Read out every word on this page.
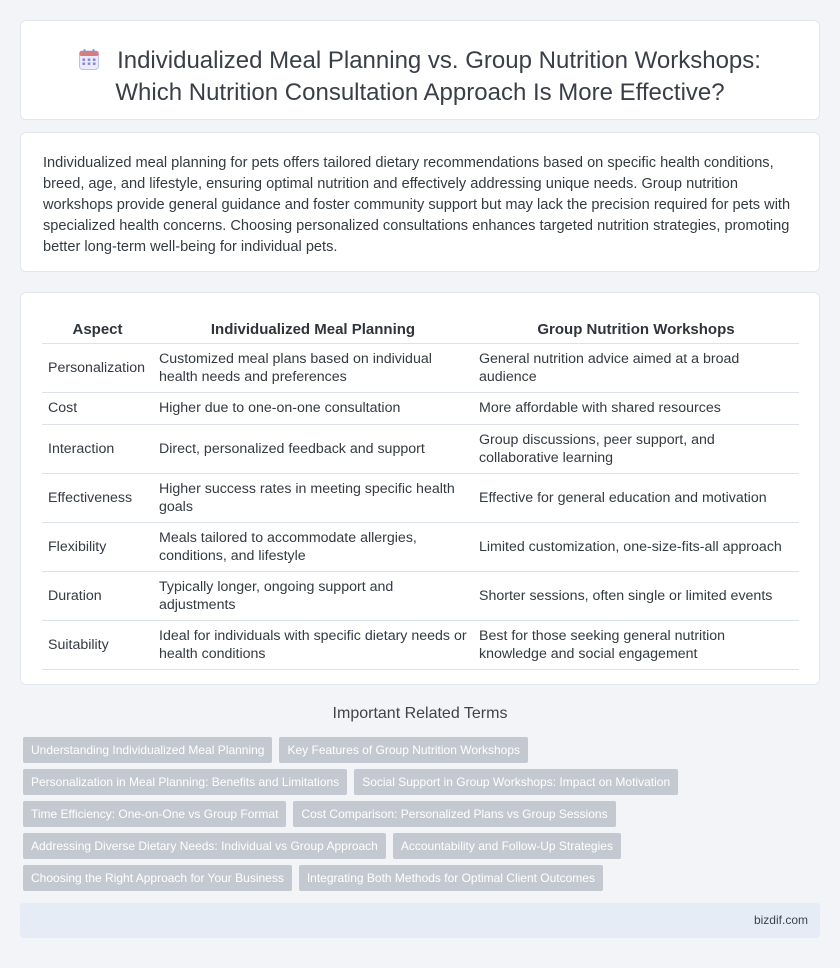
Individualized Meal Planning vs. Group Nutrition Workshops:
Which Nutrition Consultation Approach Is More Effective?

Individualized meal planning for pets offers tailored dietary recommendations based on specific health conditions, breed, age, and lifestyle, ensuring optimal nutrition and effectively addressing unique needs. Group nutrition workshops provide general guidance and foster community support but may lack the precision required for pets with specialized health concerns. Choosing personalized consultations enhances targeted nutrition strategies, promoting better long-term well-being for individual pets.

Aspect	Individualized Meal Planning	Group Nutrition Workshops
Personalization	Customized meal plans based on individual health needs and preferences	General nutrition advice aimed at a broad audience
Cost	Higher due to one-on-one consultation	More affordable with shared resources
Interaction	Direct, personalized feedback and support	Group discussions, peer support, and collaborative learning
Effectiveness	Higher success rates in meeting specific health goals	Effective for general education and motivation
Flexibility	Meals tailored to accommodate allergies, conditions, and lifestyle	Limited customization, one-size-fits-all approach
Duration	Typically longer, ongoing support and adjustments	Shorter sessions, often single or limited events
Suitability	Ideal for individuals with specific dietary needs or health conditions	Best for those seeking general nutrition knowledge and social engagement
Important Related Terms
Understanding Individualized Meal Planning Key Features of Group Nutrition Workshops
Personalization in Meal Planning: Benefits and Limitations Social Support in Group Workshops: Impact on Motivation
Time Efficiency: One-on-One vs Group Format Cost Comparison: Personalized Plans vs Group Sessions
Addressing Diverse Dietary Needs: Individual vs Group Approach Accountability and Follow-Up Strategies
Choosing the Right Approach for Your Business Integrating Both Methods for Optimal Client Outcomes
bizdif.com
